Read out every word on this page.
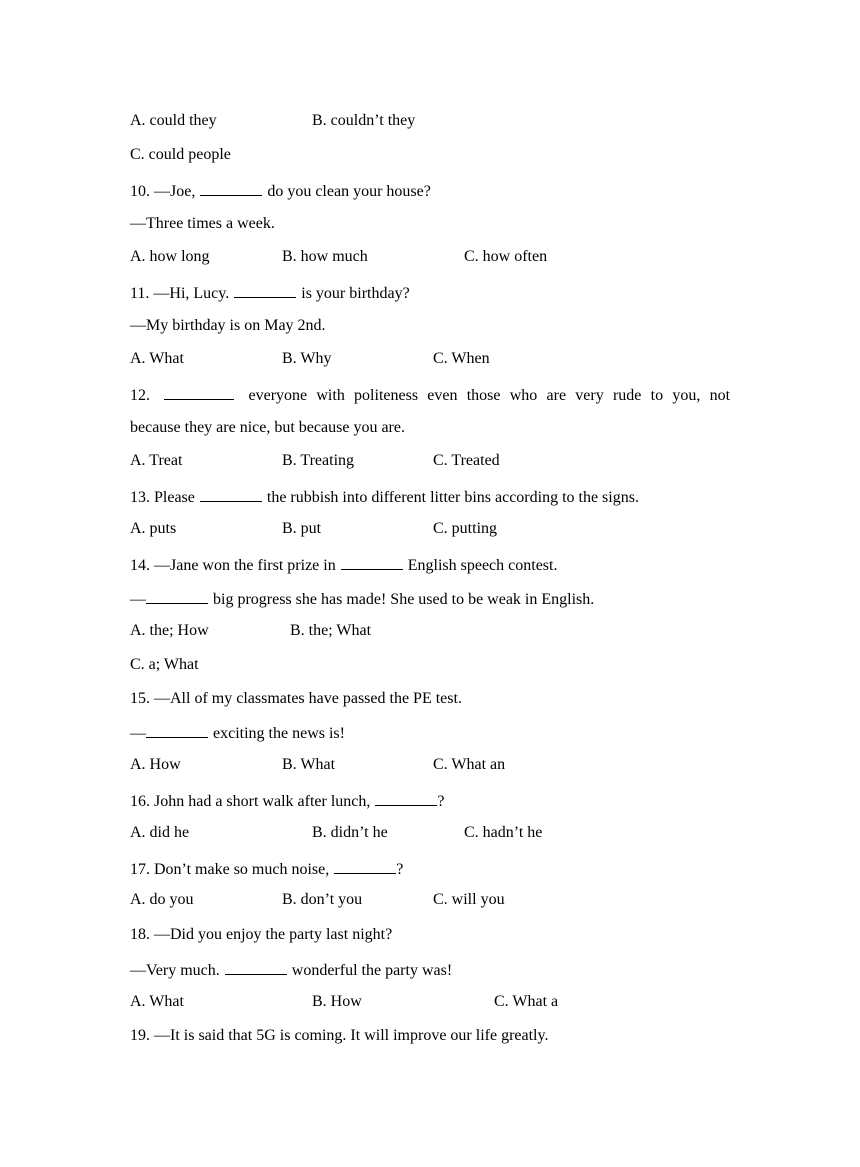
A. could they	B. couldn’t they
C. could people
10. —Joe,	do you clean your house?
—Three times a week.
A. how long	B. how much	C. how often
11. —Hi, Lucy.	is your birthday?
—My birthday is on May 2nd.
A. What	B. Why	C. When
12.	everyone with politeness even those who are very rude to you, not
because they are nice, but because you are.
A. Treat	B. Treating	C. Treated
13. Please	the rubbish into different litter bins according to the signs.
A. puts	B. put	C. putting
14. —Jane won the first prize in	English speech contest.
—	big progress she has made! She used to be weak in English.
A. the; How	B. the; What
C. a; What
15. —All of my classmates have passed the PE test.
—	exciting the news is!
A. How	B. What	C. What an
16. John had a short walk after lunch,	?
A. did he	B. didn’t he	C. hadn’t he
17. Don’t make so much noise,	?
A. do you	B. don’t you	C. will you
18. —Did you enjoy the party last night?
—Very much.	wonderful the party was!
A. What	B. How	C. What a
19. —It is said that 5G is coming. It will improve our life greatly.
